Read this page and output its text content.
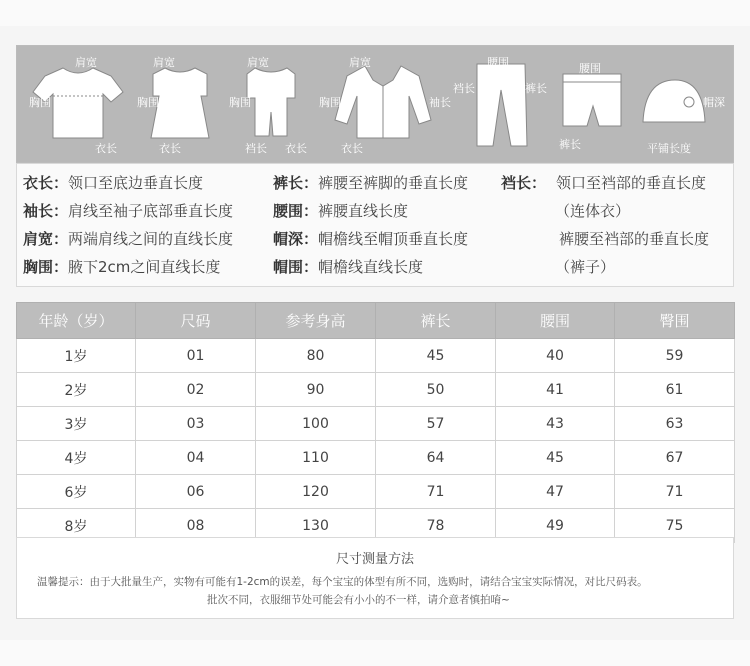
肩宽
胸围
衣长
肩宽
胸围
衣长
肩宽
胸围
裆长 衣长
肩宽
胸围	袖长
衣长
腰围
裆长	裤长
腰围
裤长
帽深
平铺长度
衣长：领口至底边垂直长度
袖长：肩线至袖子底部垂直长度
肩宽：两端肩线之间的直线长度
胸围：腋下2cm之间直线长度
裤长：裤腰至裤脚的垂直长度
腰围：裤腰直线长度
帽深：帽檐线至帽顶垂直长度
帽围：帽檐线直线长度
裆长： 领口至裆部的垂直长度
（连体衣）
裤腰至裆部的垂直长度
（裤子）
年龄（岁）	尺码	参考身高	裤长	腰围	臀围
1岁	01	80	45	40	59
2岁	02	90	50	41	61
3岁	03	100	57	43	63
4岁	04	110	64	45	67
6岁	06	120	71	47	71
8岁	08	130	78	49	75
尺寸测量方法
温馨提示：由于大批量生产，实物有可能有1-2cm的误差，每个宝宝的体型有所不同，选购时，请结合宝宝实际情况，对比尺码表。
批次不同，衣服细节处可能会有小小的不一样，请介意者慎拍唷~
